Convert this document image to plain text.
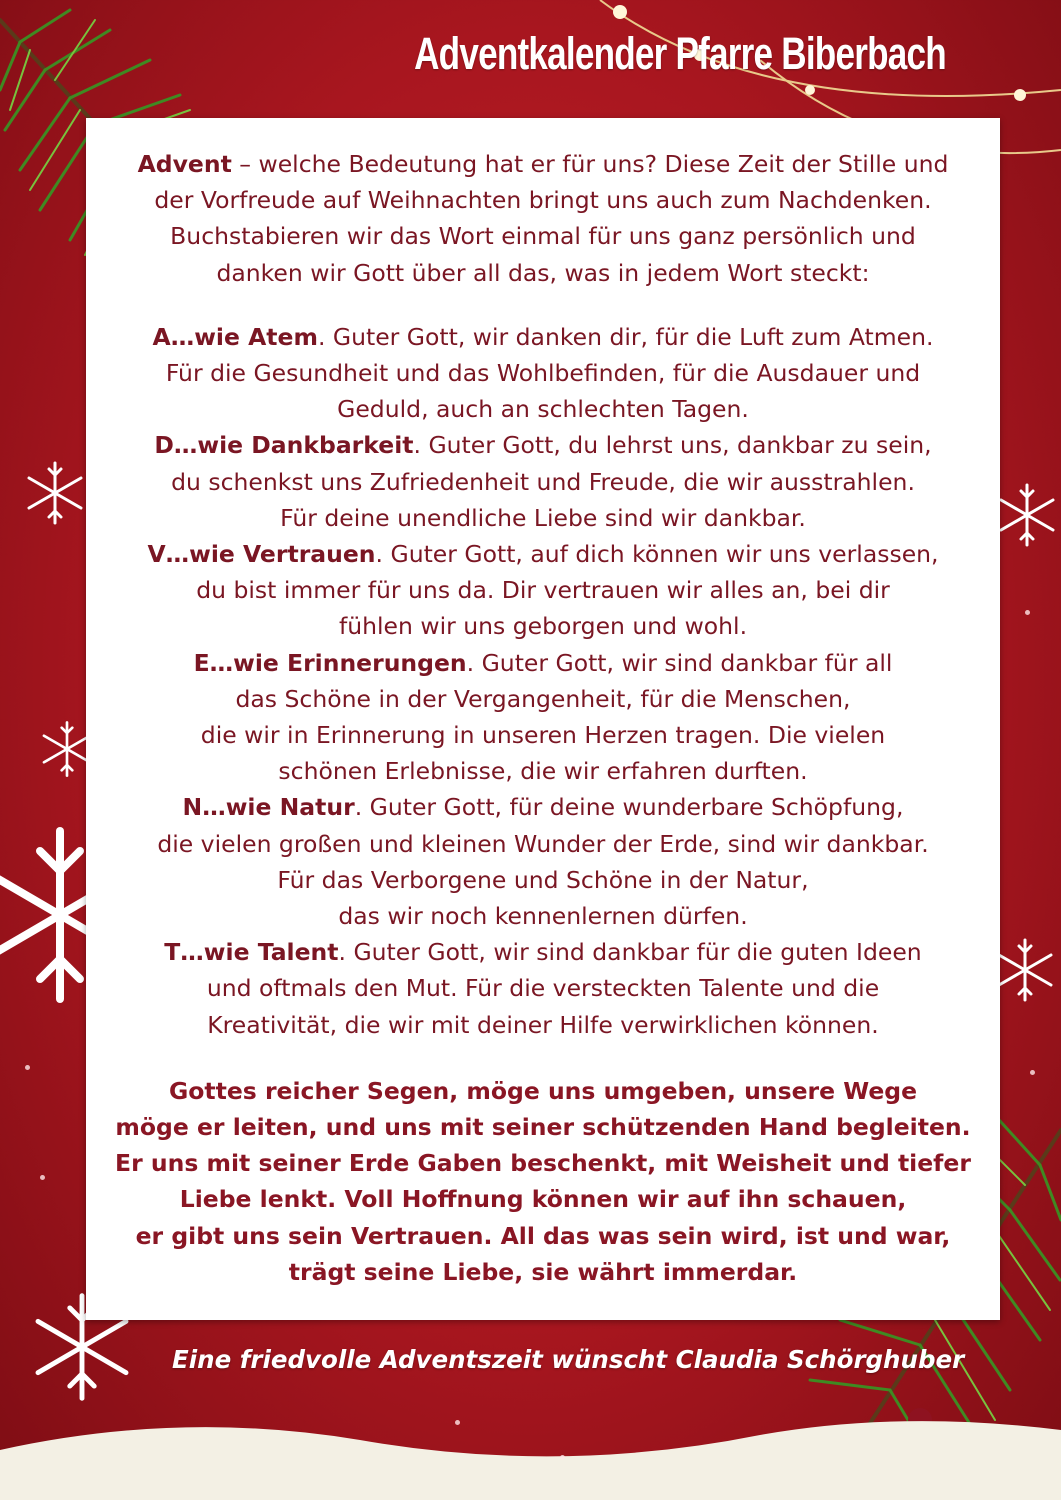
Adventkalender Pfarre Biberbach

Advent – welche Bedeutung hat er für uns? Diese Zeit der Stille und
der Vorfreude auf Weihnachten bringt uns auch zum Nachdenken.
Buchstabieren wir das Wort einmal für uns ganz persönlich und
danken wir Gott über all das, was in jedem Wort steckt:

A…wie Atem. Guter Gott, wir danken dir, für die Luft zum Atmen.
Für die Gesundheit und das Wohlbefinden, für die Ausdauer und
Geduld, auch an schlechten Tagen.

D…wie Dankbarkeit. Guter Gott, du lehrst uns, dankbar zu sein,
du schenkst uns Zufriedenheit und Freude, die wir ausstrahlen.
Für deine unendliche Liebe sind wir dankbar.

V…wie Vertrauen. Guter Gott, auf dich können wir uns verlassen,
du bist immer für uns da. Dir vertrauen wir alles an, bei dir
fühlen wir uns geborgen und wohl.

E…wie Erinnerungen. Guter Gott, wir sind dankbar für all
das Schöne in der Vergangenheit, für die Menschen,
die wir in Erinnerung in unseren Herzen tragen. Die vielen
schönen Erlebnisse, die wir erfahren durften.

N…wie Natur. Guter Gott, für deine wunderbare Schöpfung,
die vielen großen und kleinen Wunder der Erde, sind wir dankbar.
Für das Verborgene und Schöne in der Natur,
das wir noch kennenlernen dürfen.

T…wie Talent. Guter Gott, wir sind dankbar für die guten Ideen
und oftmals den Mut. Für die versteckten Talente und die
Kreativität, die wir mit deiner Hilfe verwirklichen können.

Gottes reicher Segen, möge uns umgeben, unsere Wege
möge er leiten, und uns mit seiner schützenden Hand begleiten.
Er uns mit seiner Erde Gaben beschenkt, mit Weisheit und tiefer
Liebe lenkt. Voll Hoffnung können wir auf ihn schauen,
er gibt uns sein Vertrauen. All das was sein wird, ist und war,
trägt seine Liebe, sie währt immerdar.

Eine friedvolle Adventszeit wünscht Claudia Schörghuber
